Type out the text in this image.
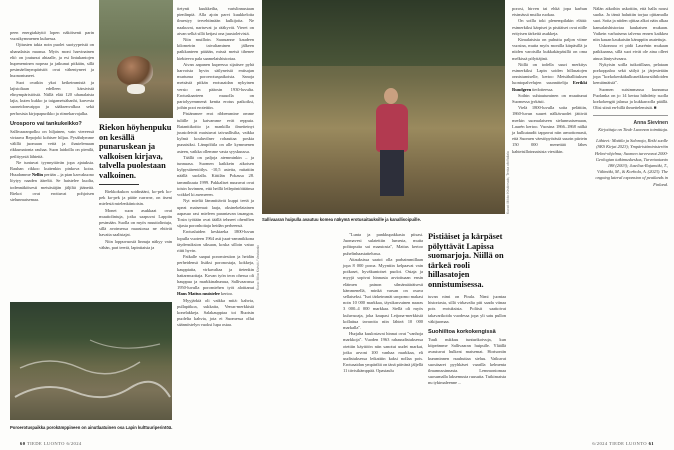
peen energiakäyttö lopen näköisenti parin vuosikymmenen kuluessa.

Ojitusten takia noin puolet suotyypeistä on uhanalaisia maassa. Myös moni harvinainen eliö on joutunut ahtaalle, ja esi lintukantojen hupeneminen nopeaa ja jatkunut pitkään, sillä pesimäelinympäristöt ovat vähentyneet ja huonontuneet.

Suot ovatkin ykoi keikeimmistä ja lajistoltaan edelleen kärsivistä elinympäristöistä. Niillä elää 120 uhanalaista lajia, kuten kukko ja taigametsähanhi, karvesta suoneidonvaippa ja sääksenvalkoa sekä perhosista kirjopapurikko ja riimekarvajalka.

Urosporo vai tankukeikko?

Sallivaaranpolku on hiljainen, vain viereessä virtaava Repojoki kohisee hiljaa. Pysähdymme välillä juomaan vettä ja ihastelemaan rikkumatonta rauhaa. Suon laidoilla on pienilä, peilityyniä lähteitä.

Ne tuntuvat tyynnyttävän jopa ajatuksia. Rauhan rikkoo kuitenkin pinkova koira. Huudamme Nellin perään – ja pian karvakuono löytyy naaden ääreltä. Se haistelee kuolta, todennäköisesti metsästäjän jäljiltä jääneitä. Riekot ovat erottuvat pohjoisen sielunmaisemaa.

Riekon höyhenpuku on kesällä punaruskean ja valkoisen kirjava, talvella puolestaan valkoinen.

Riekkokukon soidinääni, ko-pek ko-pek ko-pek ja pääte rurrrrrrr, on itseni mielestä mielenkiintoisin.

Monet suon asukkaat ovat muuttolintuja, jotka saapuvat Lappiin pesimään. Suolla on myös muuttolintuja, sillä avoimessa maastossa ne ehtivät havaita saalistajat.

Niin loppuvuosiä linnuja näkyy vain vähän, pari teeriä, lapintiaisia ja

tietynti kuukkeilta, varislinnustaan pienlinpiä. Alla ajoin parvi kuukkeloita ilmestyy tervehtimään kulkijoita. Ne naakuvat, narisevat ja rääkyvät. Vieret on aivan selkä sillä ketjasi ona juustoleivistä.

Niin muilloin. Saaruanne kaudeen kilometrin taivaltaminen jälkeen paikkanteen pääään, missä metsä tihenee kiekteeva pala saamelaishistoriaa.

Aivan aapanen kupeessa sijaitsee pyhä harvoista hyvin säilyneistä entisajan murtuma poroerotuspaikoista. Sanoja metsästä pitkän erotusaidan nykyinen versio on pääosin 1930-luvulta. Erotuskaarteen muuolla on pariolyyemmenä kentta erotus paikoiksi, joihin poot erotettiin.

Pistämmee erot ribbemmine omme tuliille ja katvamme evät reppuia. Ratanttikoitto ja mankilla ilmeiteinyt juustoleivät maistuvat taivaallisilta, vaikka kylmä kouluvilner rohauttaa poskia punaisiksi. Lämpöltila on alle kymmenen asteen, vaikka ollemme vasta syyskuussa.

Täällä on paljoja aiemminkin – ja tunnuasa. Suomen kaikkein aikoisen kylpystärentöilys. -10,5 astetta, mitattiin näällä suolalla. Kittilän Pokassa 28. tammikuuta 1999. Pakkaliset nuuravat ovat toisin luvinnen, että heillä leilepöntöittäinsa voikkel ki asemeeen.

Nyt mieliä lämmittävät kuppi teetä ja upeat maisemat: laaja, oksinekelatainen aapasuo rasi mieleen parantavan tasangon. Tosin työtään ovat täällä tehneet ohenffien sijasta poronhoitaja heidän perheensä.

Erotusluiden keskiaeka 1800-luvun lopulla vuoteen 1964 asti juuri-rammikkona täydensiksion siksaan, koska silloin vaiuo riitti hyvin.

Paikalle saapui poromiestion ja heidän perheidensä lisäksi poronostaja, kokkeja, kauppiaita, virkavaltaa ja tietenkin hattarmuottaja. Kovan työn teon ohessa oli hauppua ja markkinahumua, Sallivaarassa 1950-luvulla poromiehen työt aloittanut Hans Mattus muistelee kertoo.

Myyjärkiä oli vaikka mitä: kahvia, pullapitkoa, sukkaita, Venus-merkkisiä konelakkeja. Salakauppiaa toi Ruotsin puolelta kahvia, jota ei Suomessa ollut säännöstelyn vuoksi lupa ostaa.

Poroerotuspaikka porokämppineen on ainutlaatuinen osa Lapin kulttuuriperintöä.
Kuva: Mika Kivistö / Vastavalo
60 TIEDE LUONTO 6/2024

"Lunta ja pankkupakkasia piisasi. Juomavesi sulatettiin lumesta, mutta polttopuita sai maastosta", Mattus kertoo puhelinhaastattelussa.

Aitauksissa saatoi olla parhaimmillaan jopa 8 000 poroa. Myyntiin kelpaavat vain poikaset, hyväkuntoiset puolot. Ostaja ja myyjä sopivat hinnasta arvioituaan ensin eläimen painon silmämääräisesti kämmenellä, minkä varsan on osuva sellaiseksi. "Isoi tärkeimmät uropomo makasi noin 10 000 markkaa, täysikasvuinen naaras 3 000–4 000 markkaa. Siellä oli myös kuluvuoaja, joka kaupasi Leijona-merkkisiä kollattua tavaroita niin lähteä 10 000 markalla".

Hurjalta kuulostavat hinnat ovat "vanhoja markkoja". Vuoden 1963 rahauudistuksessa otettiin käyttöön niin sanotut uudet markat, jotka arvoni 100 vanhaa markkaa, eli uudistuksessa leikattiin kaksi nollaa pois. Erotusaidan ympäriltä on tänä päivänä jäljellä 11 tiivisikämppää. Opastaulu

Pistiäiset ja kärpäset pölyttävät Lapissa suomarjoja. Niillä on tärkeä rooli hillasatojen onnistumisessa.

tuvan nimi on Pirala. Nimi juontaa historiasta, sillä virkavalta piti saada viinaa pois erotuksista. Poliisit saattoivat takavarikoida vuodessa jopa yli satu pullon väkijuomaa.

Suohiiltoa korkokengissä

Tuuli nukkuu tunturikoivuja, kun kiipeämme Sallivaaran huipulle. Yläällä avautuvat hulkeat maisemat. Horisontin kumminnen nuuhuttaa sieluu. Vaikuvat suosäsaret pyyhkäset vaarilla kelmenta ilmamussinnasta. Lemmoniomaa suosumalla laksemusta ruusutta. Tutkimaista nu tykimaleenne ...

porosi, hirven tai ehkä jopa karhun etsimässä muilia ruokaa.

On soilla toki plenempilakin eläitä: esimerkiksi kärpiset ja pistiäiset ovat niille erityisen tärkeitä asukkeja.

Kimalaisista on puhuttu paljon viime vuosina, mutta myös monilla kärpäsillä ja niiden varoisilla kukkakärpäsillä on oma melkissä pölyttäjinä.

Niillä on todella suuri merkitys esimerkiksi Lapin soiden hillasatojen onnistumiselle, kertoo Metsähallituksen luontopalvelujen suunnittelija Eerikki Rundgren tiedotteessa.

Soihin suhtautuminen on muuttunut Suomessa jyrkästi.

Vielä 1800-luvulla soita pelättiin, 1860-luvun suuret nälkävuodet jättivät merkin suomalaiseen sielunmaisemaan, Laurén kertoo. Vuosina 1866–1868 nälkä ja kulkutaudit tappavat niin armottomasti, että Suomen väestöpyörästä suurin piirtein 150 000 menettää lähes kahteisilloinnaisista viestikin.

Nälän aikoihin uskottiin, että halla nousi suolta. Ja tämä haluttiin torjua ojittamalla suot. Soita ja niiden ojittaa alkoi näin alkaa kansalaishistoriaa kaukaisen mukaan. Vaikein varhaisena talvena ennen kaikkea niin kauan kaukaisiin kämppiin asutettuja.

Uskonnoa ei pidä Laurénin mukaan paikkaansa, sillä suot eivät ole aina olleet ainoa läntyvävaara.

Nykyisin soilla tutkotillaan, pelataan porkoppaloa sekä säilyä ja järjestetään jopa "korkokenkäkulkuseikkoursiihiloiden kemiämäisiä".

Suomen suisimmassa kunnassa Puolanka on jo 14 kertaa hiihdetty suolla korkokengät jalassa ja kukkaroolla päällä. Olisi siinä en-hillä ihmettelemistä. ■

Anna Sievinen
Kirjoittaja on Tiede Luonnon toimittaja.
Lähteet: Mattila ja Salonoja, Retki suolle (SKS Kirjat 2023); Ympäristöministeriön Helmi-ohjelma; Suomen turvevarat 2000-Geologian tutkimuskeskus, Turvetuotanto 188 (2003); Juselius-Rajamäki, T., Välimäki, M., & Korhola, A. (2023). The ongoing lateral expansion of peatlands in Finland.
6/2024 TIEDE LUONTO 61
Sallivaaran huipulla avautuu komea näkymä erotusaitauksille ja kanallisoipuille.
Kuvat: Mikko Kiiskinsalo, Tenka ofoVallala
